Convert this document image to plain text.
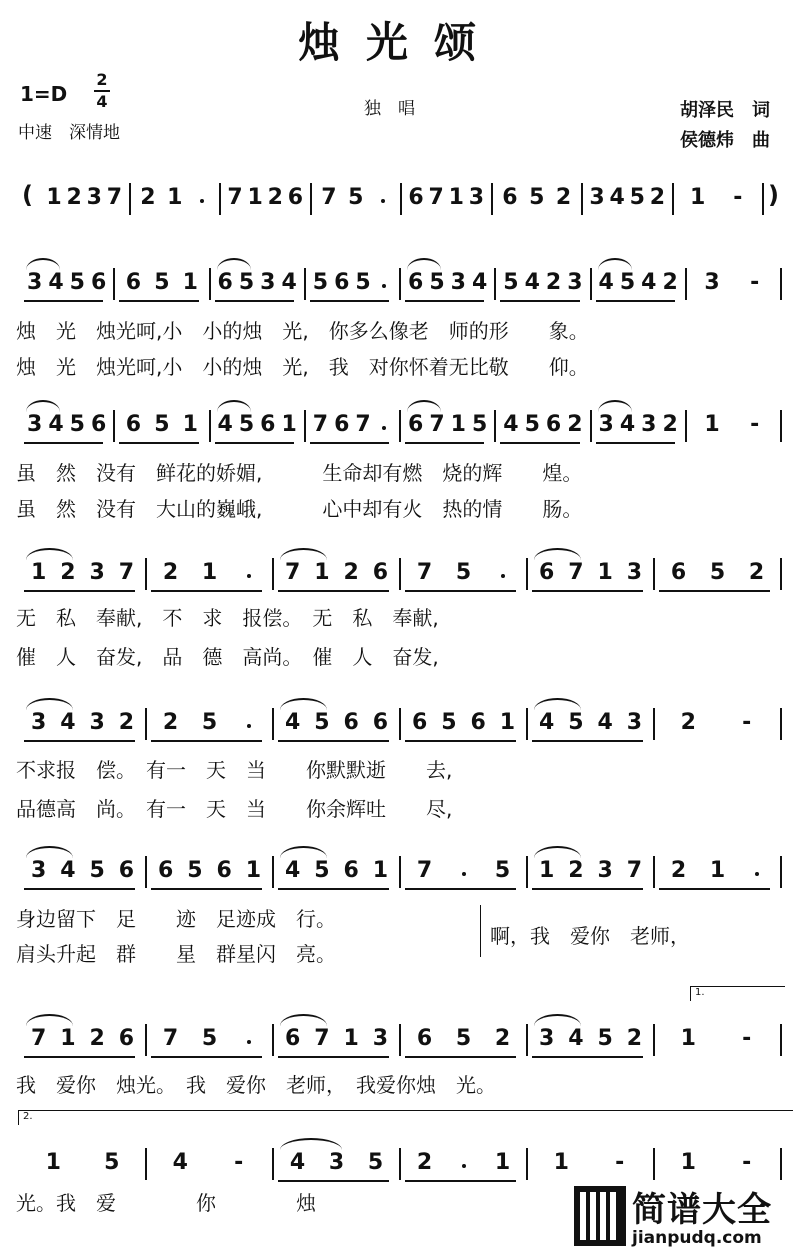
烛光颂
1=D
2
4
中速　深情地
独　唱	胡泽民　词
侯德炜　曲
( 1 2 3 7 2 1 7 1 2 6 7 5 6 7 1 3 6 5 2 3 4 5 2 1 - )
3 4 5 6 6 5 1 6 5 3 4 5 6 5 6 5 3 4 5 4 2 3 4 5 4 2 3 -
烛　光　烛光呵,小　小的烛　光,　你多么像老　师的形　　象。
烛　光　烛光呵,小　小的烛　光,　我　对你怀着无比敬　　仰。
3 4 5 6 6 5 1 4 5 6 1 7 6 7 6 7 1 5 4 5 6 2 3 4 3 2 1 -
虽　然　没有　鲜花的娇媚,　　　生命却有燃　烧的辉　　煌。
虽　然　没有　大山的巍峨,　　　心中却有火　热的情　　肠。
1 2 3 7 2 1	7 1 2 6 7 5	6 7 1 3 6 5 2
无　私　奉献,　不　求　报偿。　无　私　奉献,
催　人　奋发,　品　德　高尚。　催　人　奋发,
3 4 3 2 2 5	4 5 6 6 6 5 6 1 4 5 4 3 2 -
不求报　偿。　有一　天　当　　你默默逝　　去,
品德高　尚。　有一　天　当　　你余辉吐　　尽,
3 4 5 6 6 5 6 1 4 5 6 1 7	5 1 2 3 7 2 1
身边留下　足　　迹　足迹成　行。
肩头升起　群　　星　群星闪　亮。
啊，我　爱你　老师，
7 1 2 6 7 5	6 7 1 3 6 5 2 3 4 5 2 1 -
我　爱你　烛光。　我　爱你　老师，　我爱你烛　光。
1.
1 5 4 - 4 3 5 2	1 1 -	1 -
光。我　爱　　　　你　　　　烛
2.
简谱大全
jianpudq.com
